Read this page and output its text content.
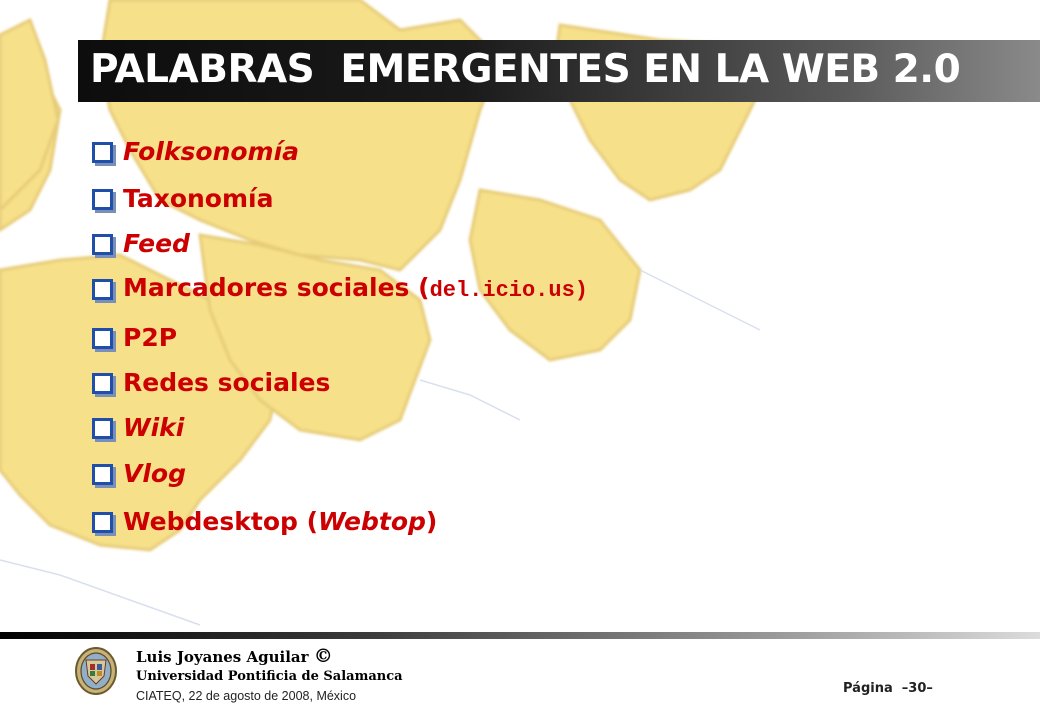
PALABRAS  EMERGENTES EN LA WEB 2.0
Folksonomía
Taxonomía
Feed
Marcadores sociales (del.icio.us)
P2P
Redes sociales
Wiki
Vlog
Webdesktop (Webtop)
Luis Joyanes Aguilar ©
Universidad Pontificia de Salamanca
CIATEQ, 22 de agosto de 2008, México	Página  –30–
